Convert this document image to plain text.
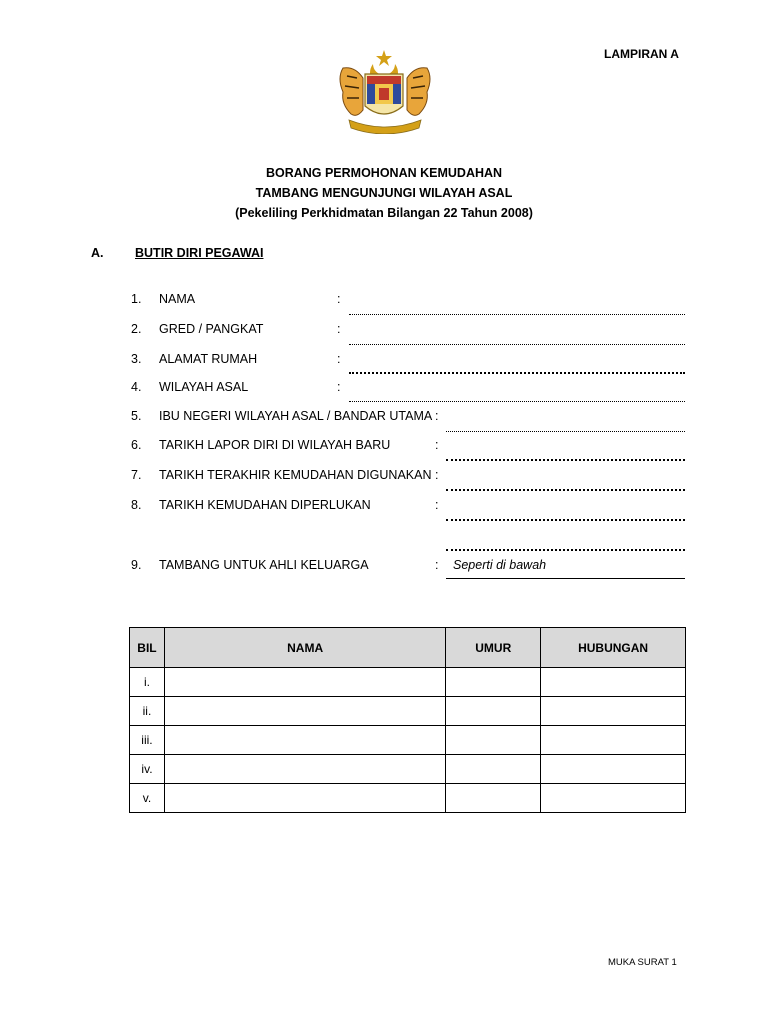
LAMPIRAN A
BORANG PERMOHONAN KEMUDAHAN
TAMBANG MENGUNJUNGI WILAYAH ASAL
(Pekeliling Perkhidmatan Bilangan 22 Tahun 2008)
A.	BUTIR DIRI PEGAWAI
1. NAMA	:
2. GRED / PANGKAT	:
3. ALAMAT RUMAH	:
4. WILAYAH ASAL	:
5. IBU NEGERI WILAYAH ASAL / BANDAR UTAMA :
6. TARIKH LAPOR DIRI DI WILAYAH BARU	:
7. TARIKH TERAKHIR KEMUDAHAN DIGUNAKAN :
8. TARIKH KEMUDAHAN DIPERLUKAN	:
9. TAMBANG UNTUK AHLI KELUARGA	: Seperti di bawah
BIL	NAMA	UMUR	HUBUNGAN
i.			
ii.			
iii.			
iv.			
v.			
MUKA SURAT 1
